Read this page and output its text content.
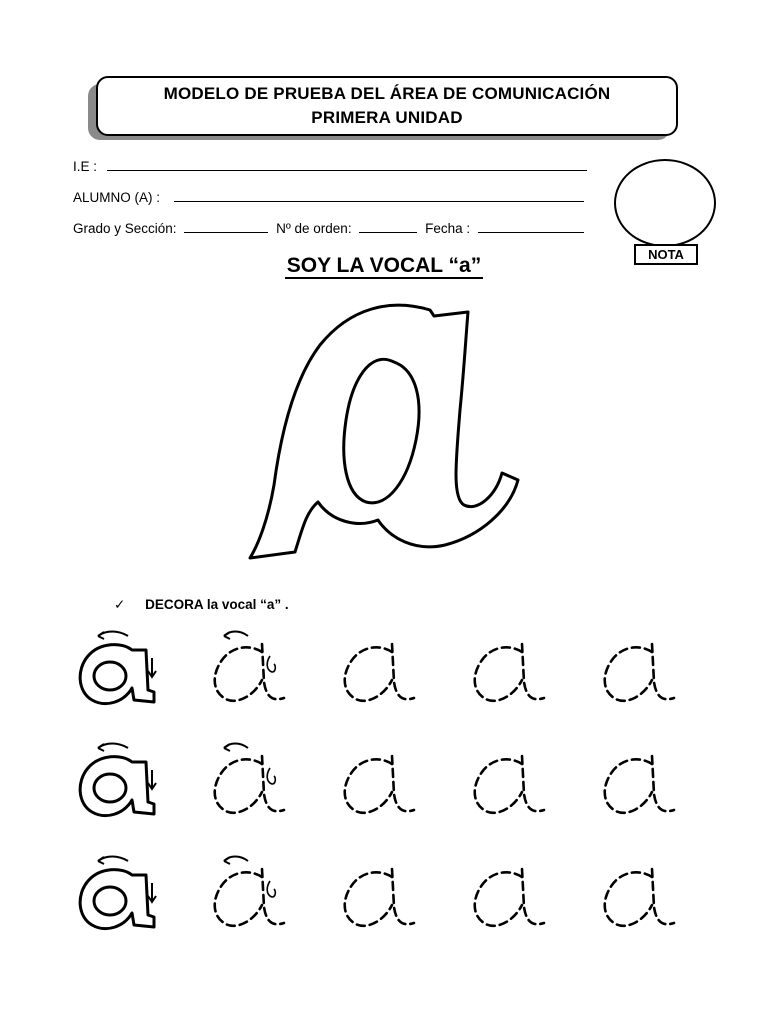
MODELO DE PRUEBA DEL ÁREA DE COMUNICACIÓN
PRIMERA UNIDAD
I.E :
ALUMNO (A) :
Grado y Sección:	Nº de orden:	Fecha :
NOTA
SOY LA VOCAL “a”
✓ DECORA la vocal “a” .
